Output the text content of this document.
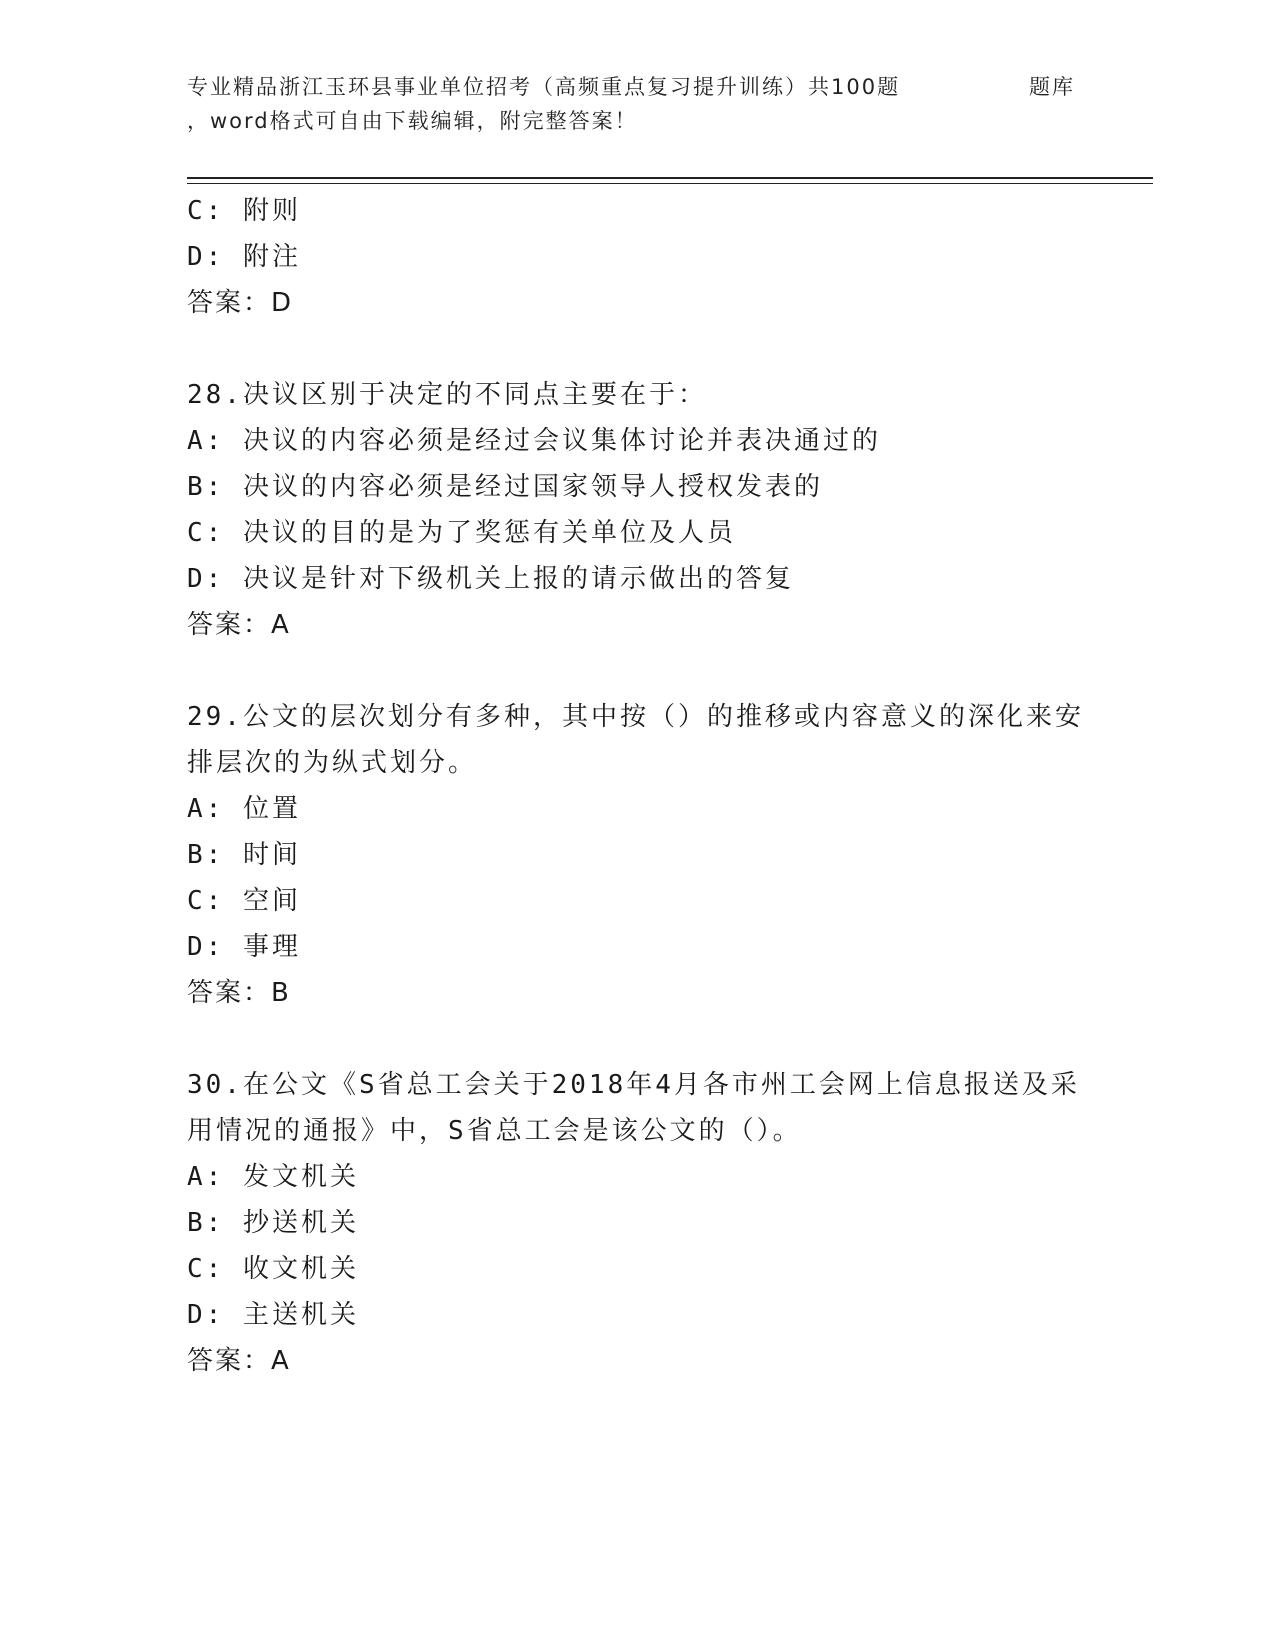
专业精品浙江玉环县事业单位招考（高频重点复习提升训练）共100题
，word格式可自由下载编辑，附完整答案！
题库
C: 附则
D: 附注
答案：D
28.决议区别于决定的不同点主要在于：
A: 决议的内容必须是经过会议集体讨论并表决通过的
B: 决议的内容必须是经过国家领导人授权发表的
C: 决议的目的是为了奖惩有关单位及人员
D: 决议是针对下级机关上报的请示做出的答复
答案：A
29.公文的层次划分有多种，其中按（）的推移或内容意义的深化来安
排层次的为纵式划分。
A: 位置
B: 时间
C: 空间
D: 事理
答案：B
30.在公文《S省总工会关于2018年4月各市州工会网上信息报送及采
用情况的通报》中，S省总工会是该公文的（）。
A: 发文机关
B: 抄送机关
C: 收文机关
D: 主送机关
答案：A
